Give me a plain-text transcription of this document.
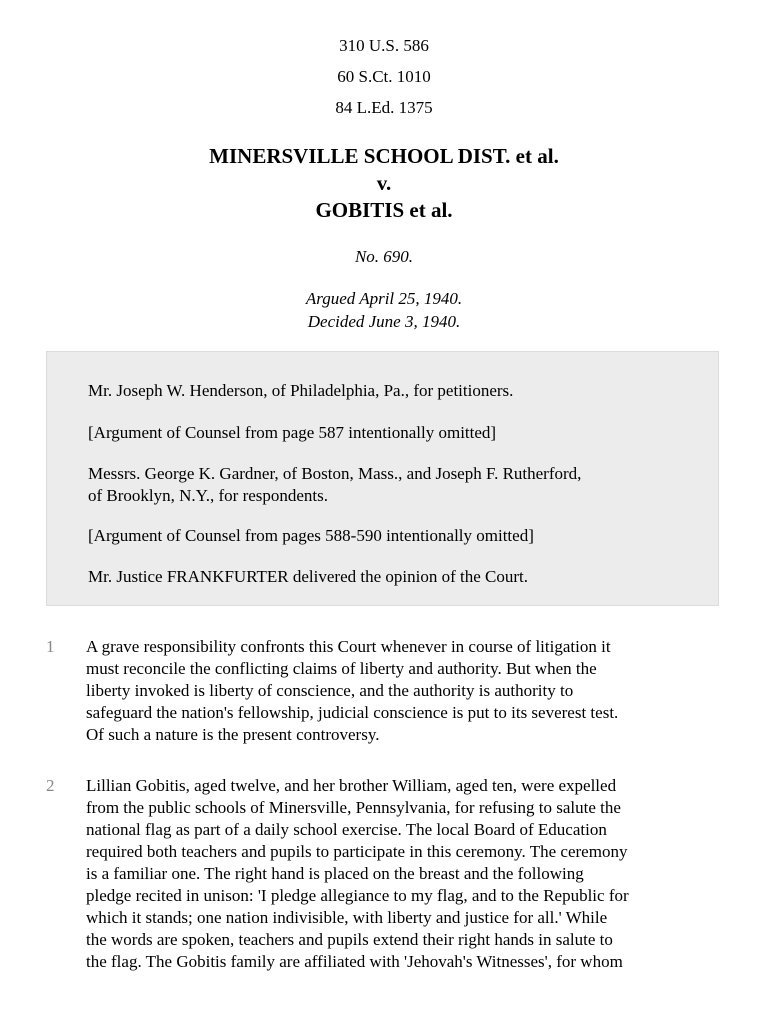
310 U.S. 586
60 S.Ct. 1010
84 L.Ed. 1375
MINERSVILLE SCHOOL DIST. et al.
v.
GOBITIS et al.
No. 690.
Argued April 25, 1940.
Decided June 3, 1940.
Mr. Joseph W. Henderson, of Philadelphia, Pa., for petitioners.
[Argument of Counsel from page 587 intentionally omitted]
Messrs. George K. Gardner, of Boston, Mass., and Joseph F. Rutherford,
of Brooklyn, N.Y., for respondents.
[Argument of Counsel from pages 588-590 intentionally omitted]
Mr. Justice FRANKFURTER delivered the opinion of the Court.
1 A grave responsibility confronts this Court whenever in course of litigation it
must reconcile the conflicting claims of liberty and authority. But when the
liberty invoked is liberty of conscience, and the authority is authority to
safeguard the nation's fellowship, judicial conscience is put to its severest test.
Of such a nature is the present controversy.
2 Lillian Gobitis, aged twelve, and her brother William, aged ten, were expelled
from the public schools of Minersville, Pennsylvania, for refusing to salute the
national flag as part of a daily school exercise. The local Board of Education
required both teachers and pupils to participate in this ceremony. The ceremony
is a familiar one. The right hand is placed on the breast and the following
pledge recited in unison: 'I pledge allegiance to my flag, and to the Republic for
which it stands; one nation indivisible, with liberty and justice for all.' While
the words are spoken, teachers and pupils extend their right hands in salute to
the flag. The Gobitis family are affiliated with 'Jehovah's Witnesses', for whom
